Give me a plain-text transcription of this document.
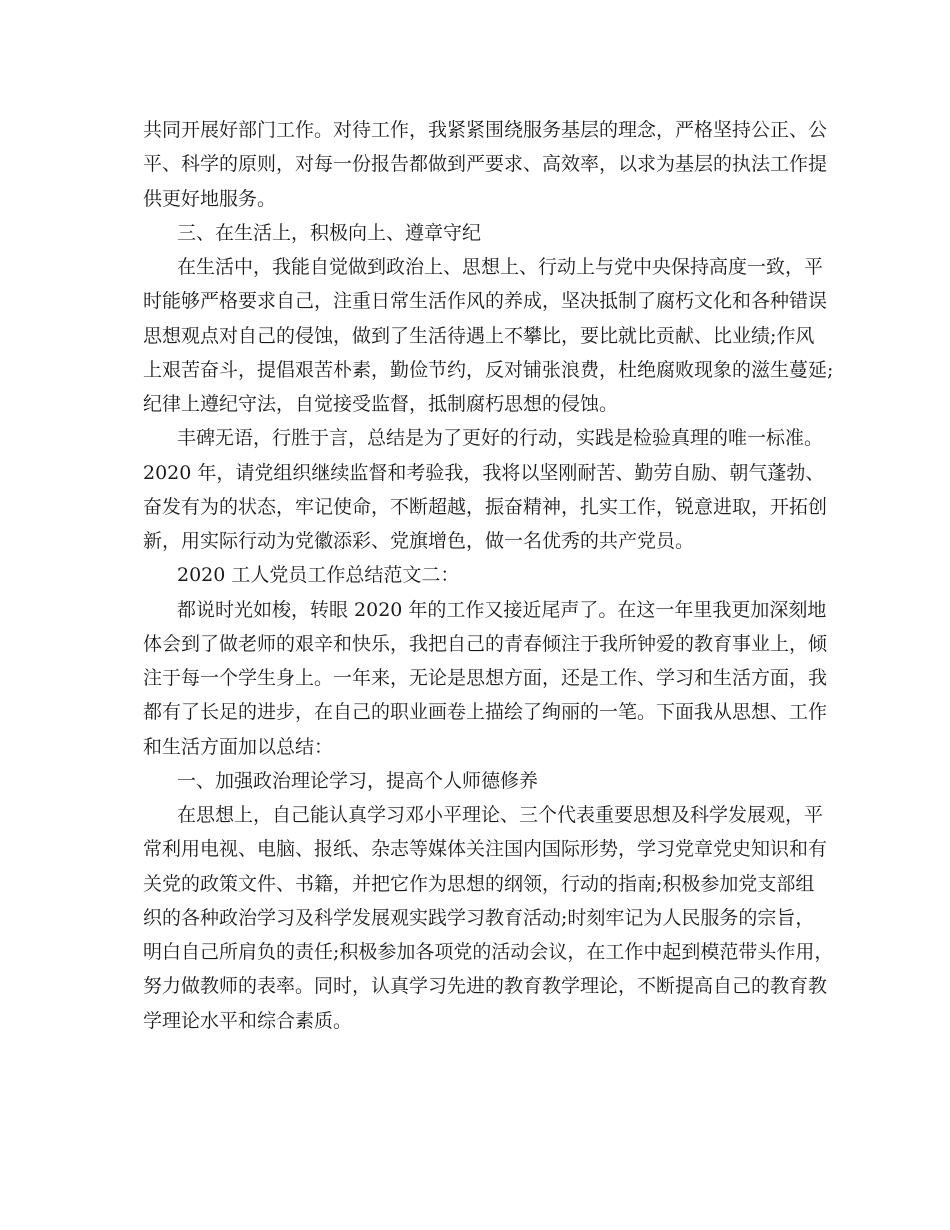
共同开展好部门工作。对待工作，我紧紧围绕服务基层的理念，严格坚持公正、公
平、科学的原则，对每一份报告都做到严要求、高效率，以求为基层的执法工作提
供更好地服务。
三、在生活上，积极向上、遵章守纪
在生活中，我能自觉做到政治上、思想上、行动上与党中央保持高度一致，平
时能够严格要求自己，注重日常生活作风的养成，坚决抵制了腐朽文化和各种错误
思想观点对自己的侵蚀，做到了生活待遇上不攀比，要比就比贡献、比业绩;作风
上艰苦奋斗，提倡艰苦朴素，勤俭节约，反对铺张浪费，杜绝腐败现象的滋生蔓延;
纪律上遵纪守法，自觉接受监督，抵制腐朽思想的侵蚀。
丰碑无语，行胜于言，总结是为了更好的行动，实践是检验真理的唯一标准。
2020 年，请党组织继续监督和考验我，我将以坚刚耐苦、勤劳自励、朝气蓬勃、
奋发有为的状态，牢记使命，不断超越，振奋精神，扎实工作，锐意进取，开拓创
新，用实际行动为党徽添彩、党旗增色，做一名优秀的共产党员。
2020 工人党员工作总结范文二：
都说时光如梭，转眼 2020 年的工作又接近尾声了。在这一年里我更加深刻地
体会到了做老师的艰辛和快乐，我把自己的青春倾注于我所钟爱的教育事业上，倾
注于每一个学生身上。一年来，无论是思想方面，还是工作、学习和生活方面，我
都有了长足的进步，在自己的职业画卷上描绘了绚丽的一笔。下面我从思想、工作
和生活方面加以总结：
一、加强政治理论学习，提高个人师德修养
在思想上，自己能认真学习邓小平理论、三个代表重要思想及科学发展观，平
常利用电视、电脑、报纸、杂志等媒体关注国内国际形势，学习党章党史知识和有
关党的政策文件、书籍，并把它作为思想的纲领，行动的指南;积极参加党支部组
织的各种政治学习及科学发展观实践学习教育活动;时刻牢记为人民服务的宗旨，
明白自己所肩负的责任;积极参加各项党的活动会议，在工作中起到模范带头作用，
努力做教师的表率。同时，认真学习先进的教育教学理论，不断提高自己的教育教
学理论水平和综合素质。
